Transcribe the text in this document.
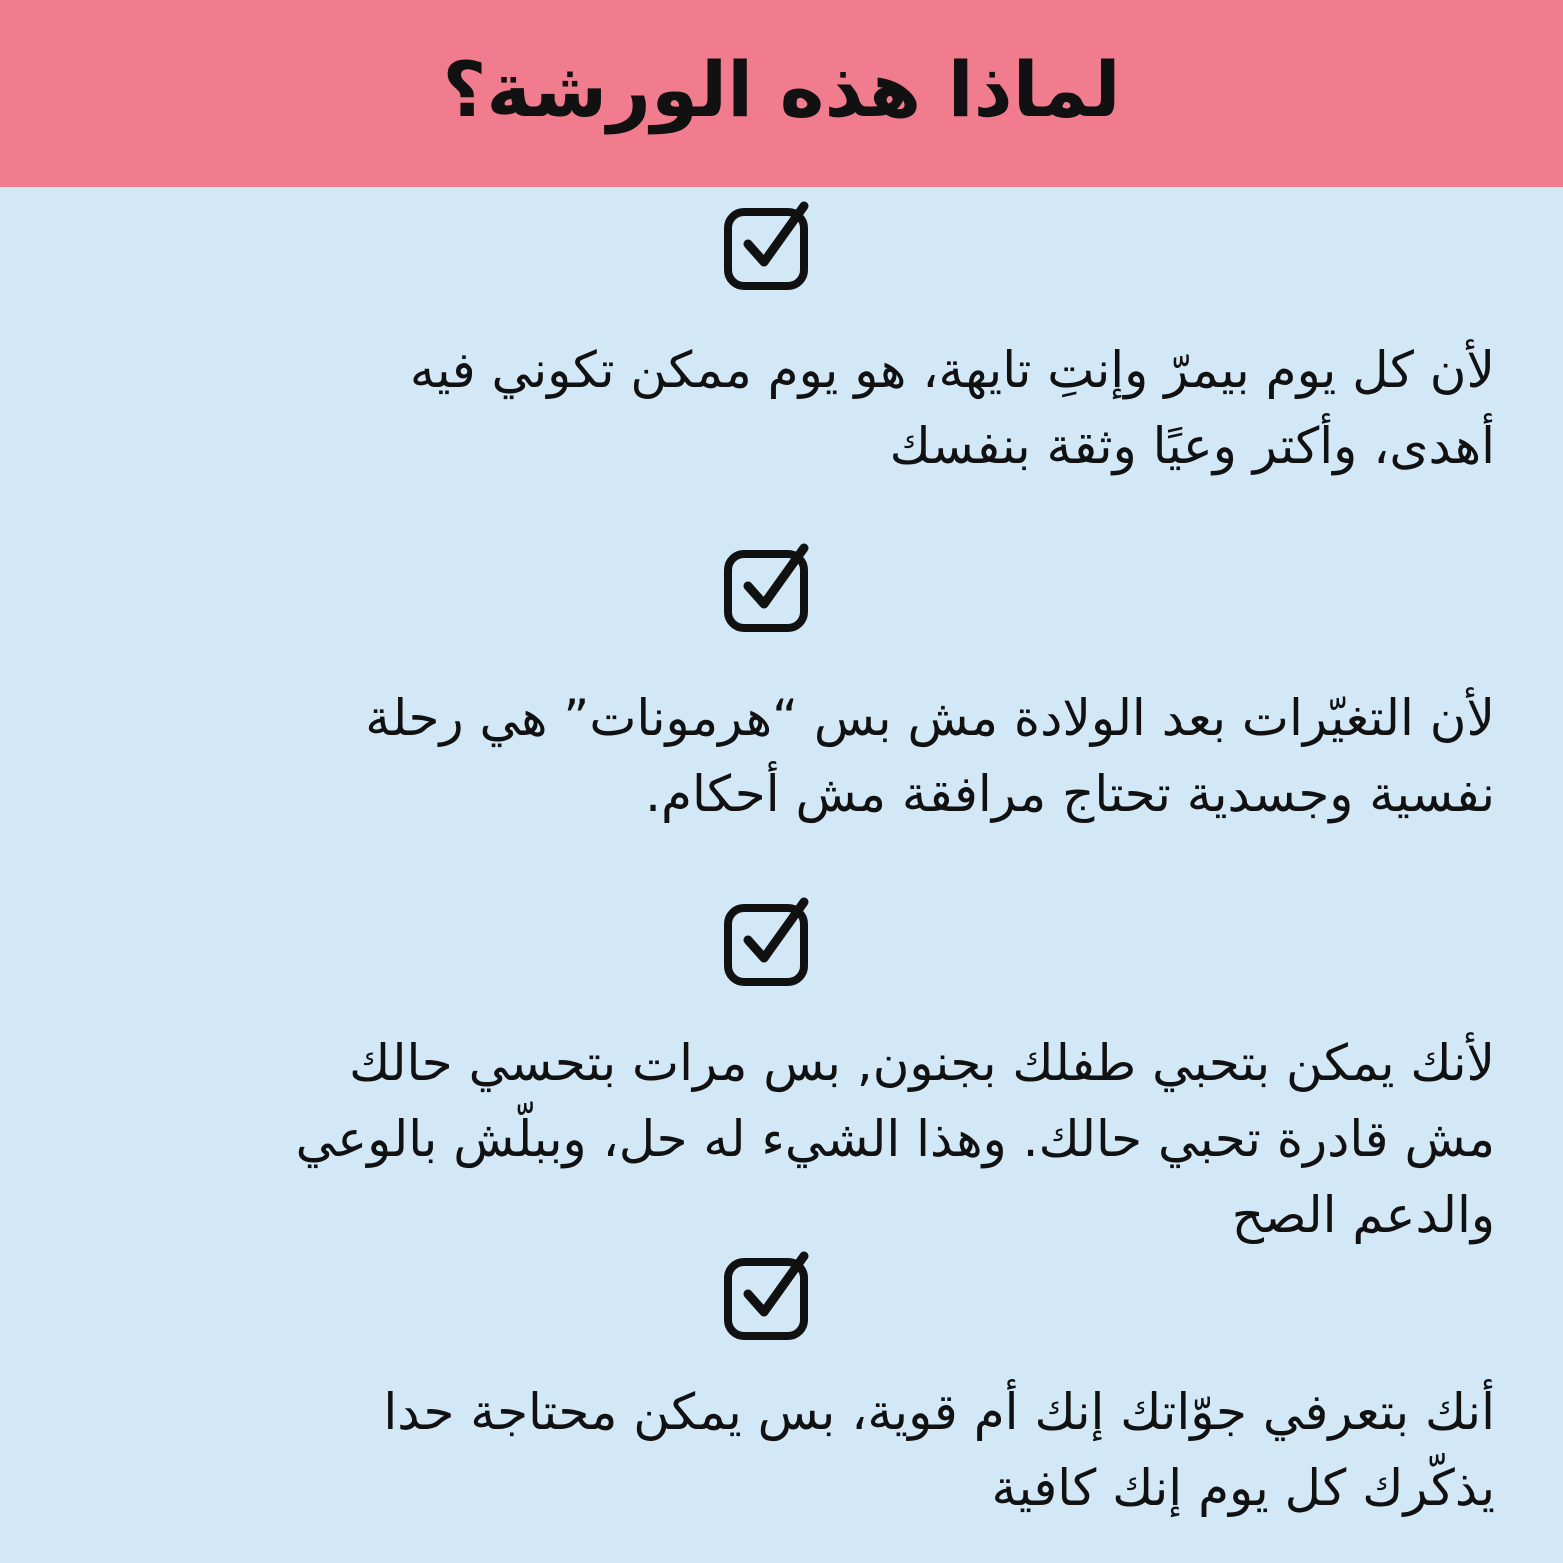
لماذا هذه الورشة؟
لأن كل يوم بيمرّ وإنتِ تايهة، هو يوم ممكن تكوني فيه
أهدى، وأكتر وعيًا وثقة بنفسك
لأن التغيّرات بعد الولادة مش بس “هرمونات” هي رحلة
نفسية وجسدية تحتاج مرافقة مش أحكام.
لأنك يمكن بتحبي طفلك بجنون, بس مرات بتحسي حالك
مش قادرة تحبي حالك. وهذا الشيء له حل، وببلّش بالوعي
والدعم الصح
أنك بتعرفي جوّاتك إنك أم قوية، بس يمكن محتاجة حدا
يذكّرك كل يوم إنك كافية
